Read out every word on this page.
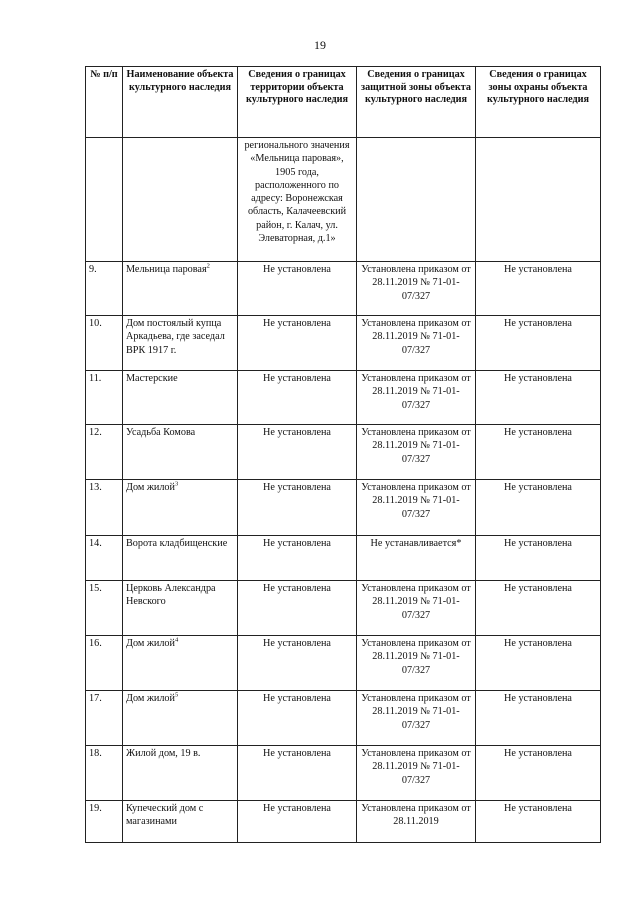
19
№ п/п	Наименование объекта культурного наследия	Сведения о границах территории объекта культурного наследия	Сведения о границах защитной зоны объекта культурного наследия	Сведения о границах зоны охраны объекта культурного наследия
		регионального значения «Мельница паровая», 1905 года, расположенного по адресу: Воронежская область, Калачеевский район, г. Калач, ул. Элеваторная, д.1»		
9.	Мельница паровая$^2$	Не установлена	Установлена приказом от 28.11.2019 № 71-01-07/327	Не установлена
10.	Дом постоялый купца Аркадьева, где заседал ВРК 1917 г.	Не установлена	Установлена приказом от 28.11.2019 № 71-01-07/327	Не установлена
11.	Мастерские	Не установлена	Установлена приказом от 28.11.2019 № 71-01-07/327	Не установлена
12.	Усадьба Комова	Не установлена	Установлена приказом от 28.11.2019 № 71-01-07/327	Не установлена
13.	Дом жилой$^3$	Не установлена	Установлена приказом от 28.11.2019 № 71-01-07/327	Не установлена
14.	Ворота кладбищенские	Не установлена	Не устанавливается*	Не установлена
15.	Церковь Александра Невского	Не установлена	Установлена приказом от 28.11.2019 № 71-01-07/327	Не установлена
16.	Дом жилой$^4$	Не установлена	Установлена приказом от 28.11.2019 № 71-01-07/327	Не установлена
17.	Дом жилой$^5$	Не установлена	Установлена приказом от 28.11.2019 № 71-01-07/327	Не установлена
18.	Жилой дом, 19 в.	Не установлена	Установлена приказом от 28.11.2019 № 71-01-07/327	Не установлена
19.	Купеческий дом с магазинами	Не установлена	Установлена приказом от 28.11.2019	Не установлена
